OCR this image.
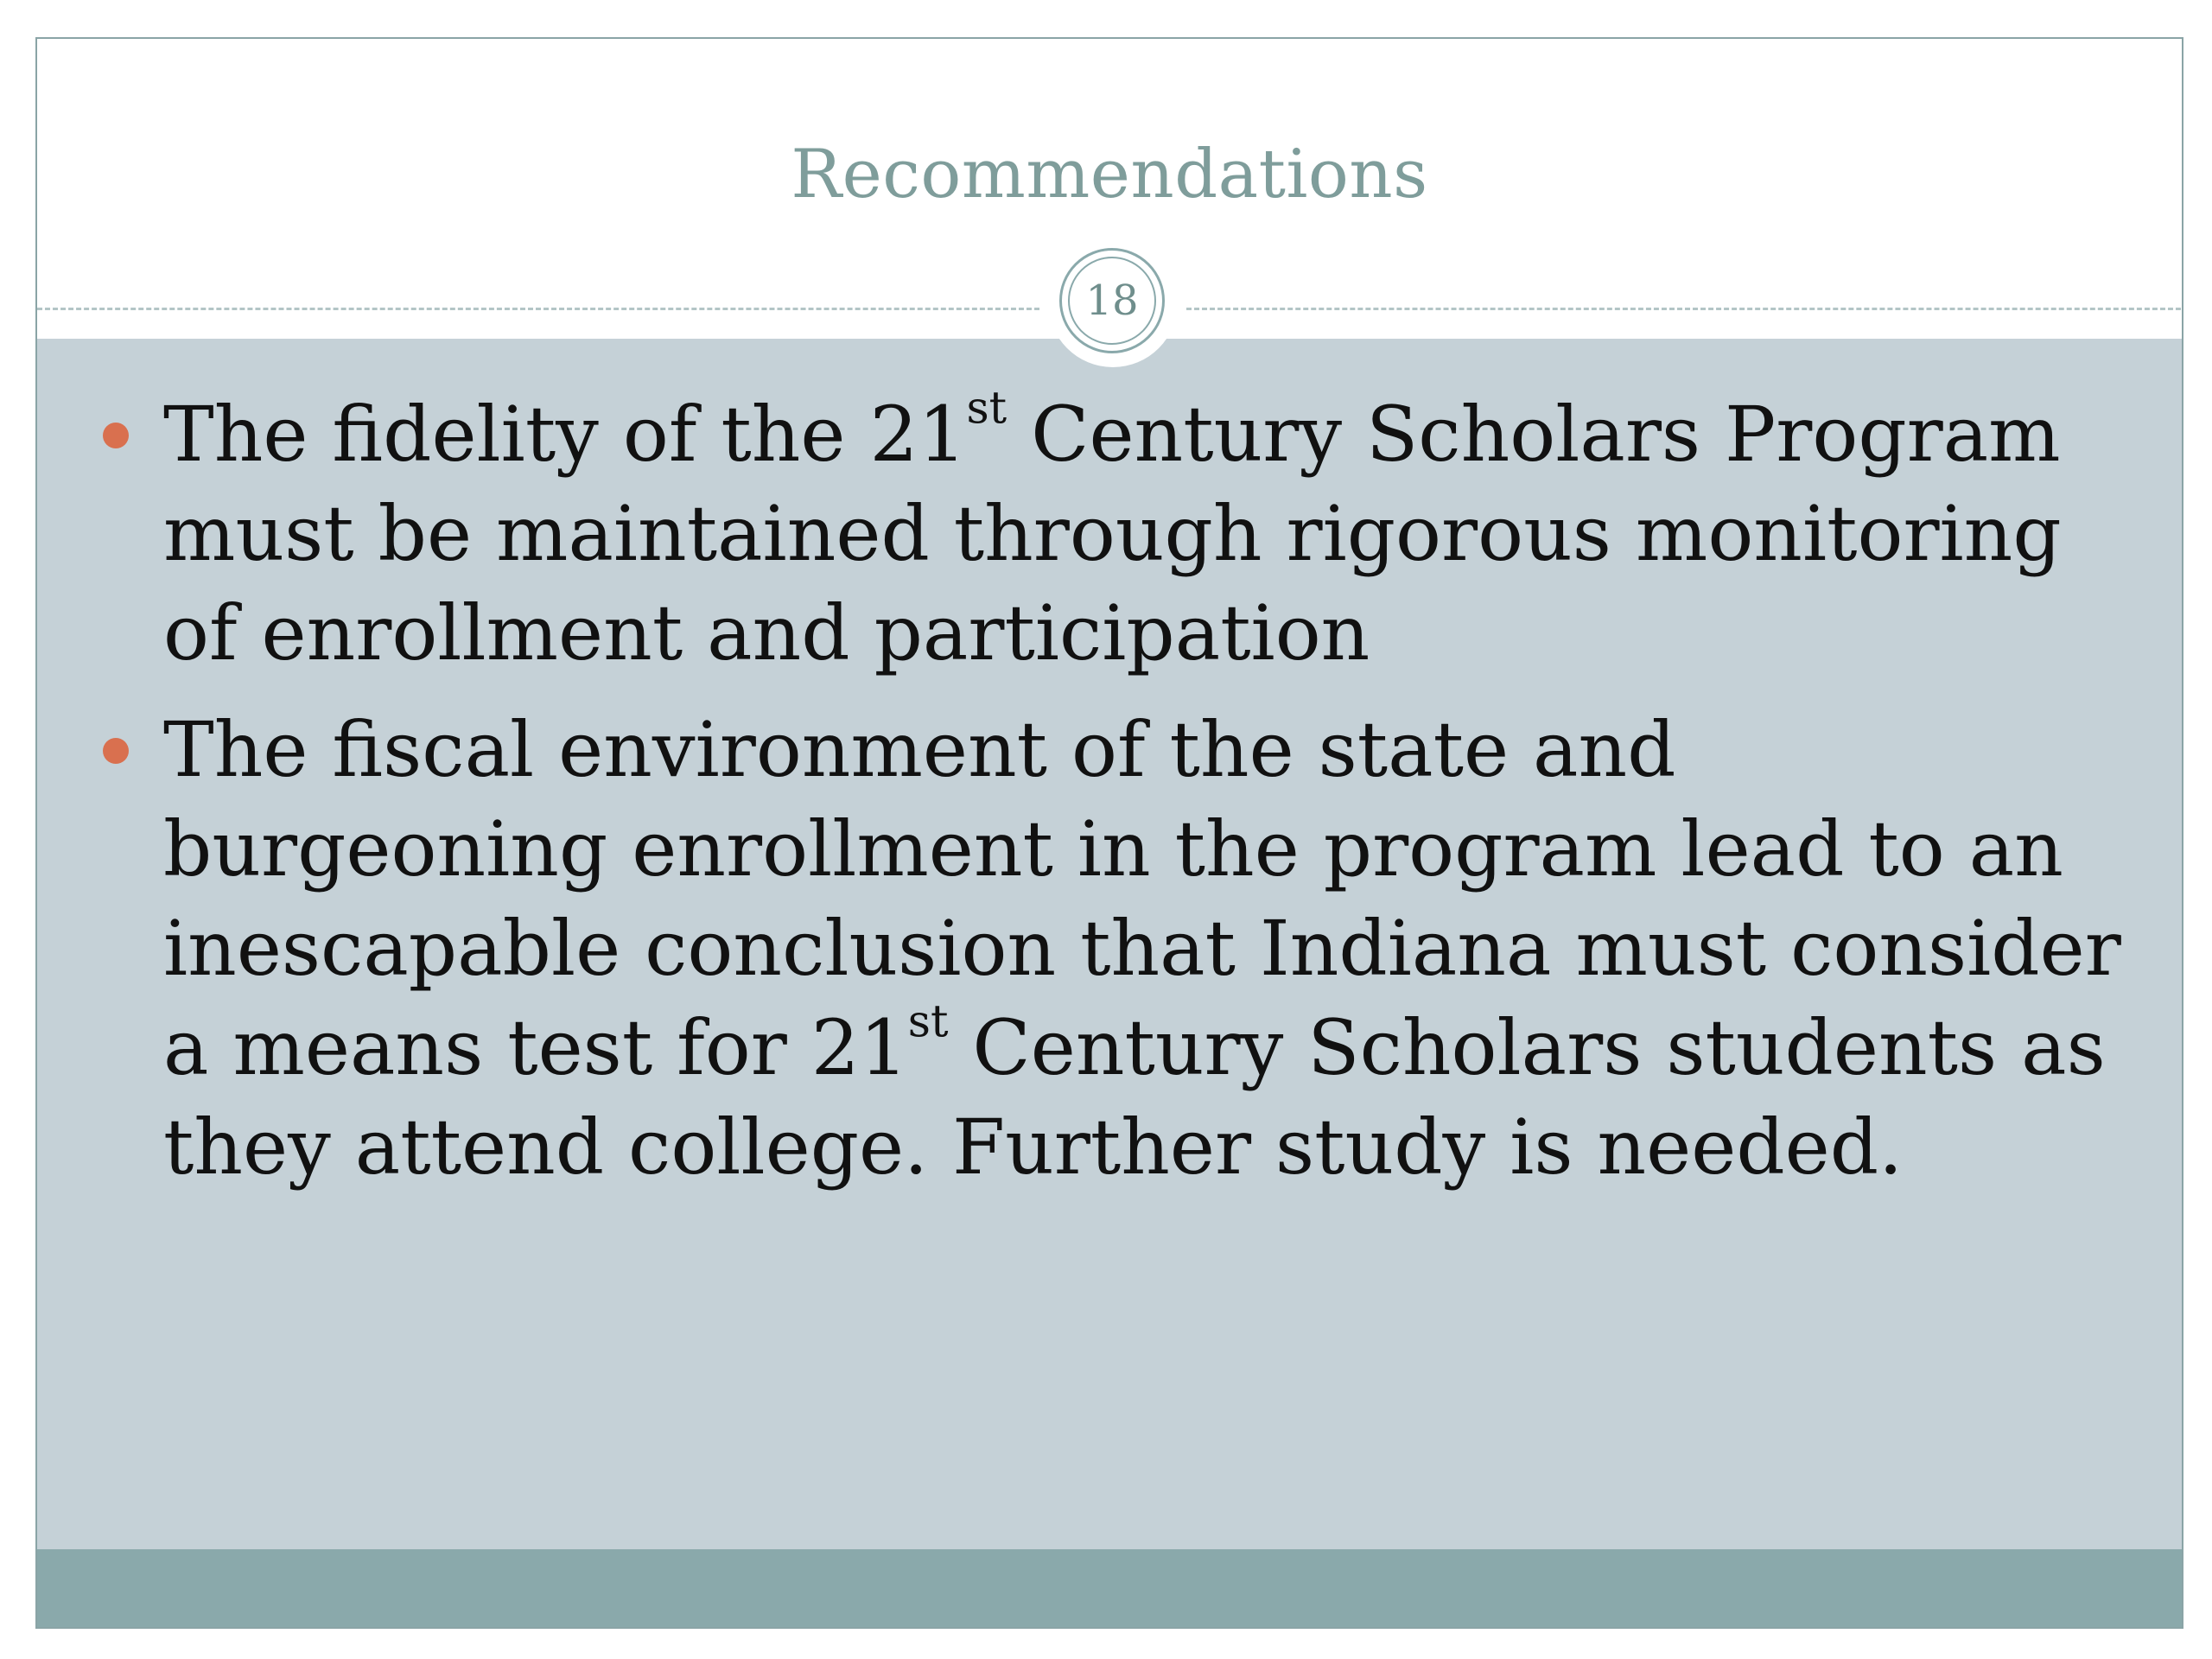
Recommendations
18
The fidelity of the 21st Century Scholars Program must be maintained through rigorous monitoring of enrollment and participation
The fiscal environment of the state and burgeoning enrollment in the program lead to an inescapable conclusion that Indiana must consider a means test for 21st Century Scholars students as they attend college. Further study is needed.
